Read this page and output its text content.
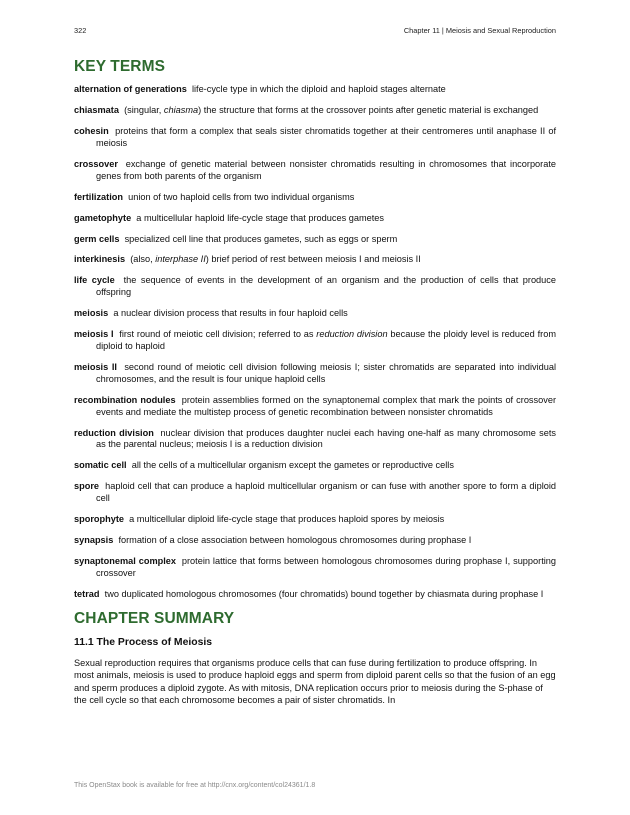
322	Chapter 11 | Meiosis and Sexual Reproduction
KEY TERMS
alternation of generations life-cycle type in which the diploid and haploid stages alternate
chiasmata (singular, chiasma) the structure that forms at the crossover points after genetic material is exchanged
cohesin proteins that form a complex that seals sister chromatids together at their centromeres until anaphase II of meiosis
crossover exchange of genetic material between nonsister chromatids resulting in chromosomes that incorporate genes from both parents of the organism
fertilization union of two haploid cells from two individual organisms
gametophyte a multicellular haploid life-cycle stage that produces gametes
germ cells specialized cell line that produces gametes, such as eggs or sperm
interkinesis (also, interphase II) brief period of rest between meiosis I and meiosis II
life cycle the sequence of events in the development of an organism and the production of cells that produce offspring
meiosis a nuclear division process that results in four haploid cells
meiosis I first round of meiotic cell division; referred to as reduction division because the ploidy level is reduced from diploid to haploid
meiosis II second round of meiotic cell division following meiosis I; sister chromatids are separated into individual chromosomes, and the result is four unique haploid cells
recombination nodules protein assemblies formed on the synaptonemal complex that mark the points of crossover events and mediate the multistep process of genetic recombination between nonsister chromatids
reduction division nuclear division that produces daughter nuclei each having one-half as many chromosome sets as the parental nucleus; meiosis I is a reduction division
somatic cell all the cells of a multicellular organism except the gametes or reproductive cells
spore haploid cell that can produce a haploid multicellular organism or can fuse with another spore to form a diploid cell
sporophyte a multicellular diploid life-cycle stage that produces haploid spores by meiosis
synapsis formation of a close association between homologous chromosomes during prophase I
synaptonemal complex protein lattice that forms between homologous chromosomes during prophase I, supporting crossover
tetrad two duplicated homologous chromosomes (four chromatids) bound together by chiasmata during prophase I
CHAPTER SUMMARY
11.1 The Process of Meiosis
Sexual reproduction requires that organisms produce cells that can fuse during fertilization to produce offspring. In most animals, meiosis is used to produce haploid eggs and sperm from diploid parent cells so that the fusion of an egg and sperm produces a diploid zygote. As with mitosis, DNA replication occurs prior to meiosis during the S-phase of the cell cycle so that each chromosome becomes a pair of sister chromatids. In
This OpenStax book is available for free at http://cnx.org/content/col24361/1.8
